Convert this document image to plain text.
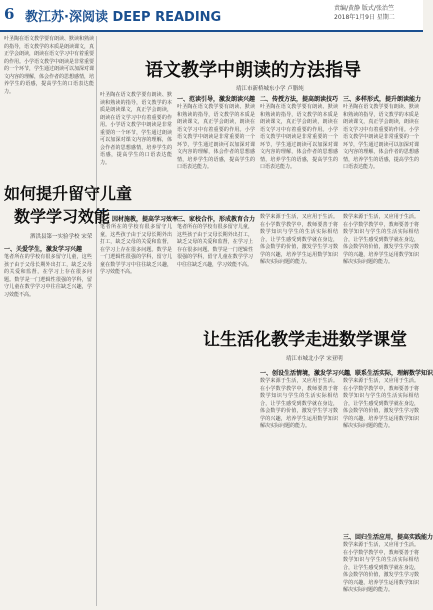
6 教江苏·深阅读 DEEP READING
责编/黄静 版式/张治竺
2018年1月9日 星期二
语文教学中朗读的方法指导
靖江市新桥城东小学 卢腊纯
叶圣陶在语文教学要有朗读、默读和熟读的指导，语文教学的本质是朗读课文，真正学会朗读，朗读在语文学习中有着重要的作用。小学语文教学中朗读是非常重要的一个环节，学生通过朗读可以加深对课文内容的理解，体会作者的思想感情，培养学生的语感，提高学生的口语表达能力。
叶圣陶在语文教学要有朗读、默读和熟读的指导，语文教学的本质是朗读课文，真正学会朗读，朗读在语文学习中有着重要的作用。小学语文教学中朗读是非常重要的一个环节，学生通过朗读可以加深对课文内容的理解，体会作者的思想感情，培养学生的语感，提高学生的口语表达能力。
一、范读引导，激发朗读兴趣
叶圣陶在语文教学要有朗读、默读和熟读的指导，语文教学的本质是朗读课文，真正学会朗读，朗读在语文学习中有着重要的作用。小学语文教学中朗读是非常重要的一个环节，学生通过朗读可以加深对课文内容的理解，体会作者的思想感情，培养学生的语感，提高学生的口语表达能力。
二、传授方法，提高朗读技巧
叶圣陶在语文教学要有朗读、默读和熟读的指导，语文教学的本质是朗读课文，真正学会朗读，朗读在语文学习中有着重要的作用。小学语文教学中朗读是非常重要的一个环节，学生通过朗读可以加深对课文内容的理解，体会作者的思想感情，培养学生的语感，提高学生的口语表达能力。
三、多样形式，提升朗读能力
叶圣陶在语文教学要有朗读、默读和熟读的指导，语文教学的本质是朗读课文，真正学会朗读，朗读在语文学习中有着重要的作用。小学语文教学中朗读是非常重要的一个环节，学生通过朗读可以加深对课文内容的理解，体会作者的思想感情，培养学生的语感，提高学生的口语表达能力。
如何提升留守儿童
数学学习效能
泗洪县第一实验学校 宋荣
一、关爱学生，激发学习兴趣
笔者所在的学校有很多留守儿童，这些孩子由于父母长期外出打工，缺乏父母的关爱和监督，在学习上存在很多问题。数学是一门逻辑性很强的学科，留守儿童在数学学习中往往缺乏兴趣，学习效能不高。
二、因材施教，提高学习效率
笔者所在的学校有很多留守儿童，这些孩子由于父母长期外出打工，缺乏父母的关爱和监督，在学习上存在很多问题。数学是一门逻辑性很强的学科，留守儿童在数学学习中往往缺乏兴趣，学习效能不高。
三、家校合作，形成教育合力
笔者所在的学校有很多留守儿童，这些孩子由于父母长期外出打工，缺乏父母的关爱和监督，在学习上存在很多问题。数学是一门逻辑性很强的学科，留守儿童在数学学习中往往缺乏兴趣，学习效能不高。
让生活化教学走进数学课堂
靖江市城北小学 宋亚明
数学来源于生活，又应用于生活。在小学数学教学中，教师要善于将数学知识与学生的生活实际相结合，让学生感受到数学就在身边，体会数学的价值，激发学生学习数学的兴趣，培养学生运用数学知识解决实际问题的能力。
数学来源于生活，又应用于生活。在小学数学教学中，教师要善于将数学知识与学生的生活实际相结合，让学生感受到数学就在身边，体会数学的价值，激发学生学习数学的兴趣，培养学生运用数学知识解决实际问题的能力。
一、创设生活情境，激发学习兴趣
数学来源于生活，又应用于生活。在小学数学教学中，教师要善于将数学知识与学生的生活实际相结合，让学生感受到数学就在身边，体会数学的价值，激发学生学习数学的兴趣，培养学生运用数学知识解决实际问题的能力。
二、联系生活实际，理解数学知识
数学来源于生活，又应用于生活。在小学数学教学中，教师要善于将数学知识与学生的生活实际相结合，让学生感受到数学就在身边，体会数学的价值，激发学生学习数学的兴趣，培养学生运用数学知识解决实际问题的能力。
三、回归生活应用，提高实践能力
数学来源于生活，又应用于生活。在小学数学教学中，教师要善于将数学知识与学生的生活实际相结合，让学生感受到数学就在身边，体会数学的价值，激发学生学习数学的兴趣，培养学生运用数学知识解决实际问题的能力。
